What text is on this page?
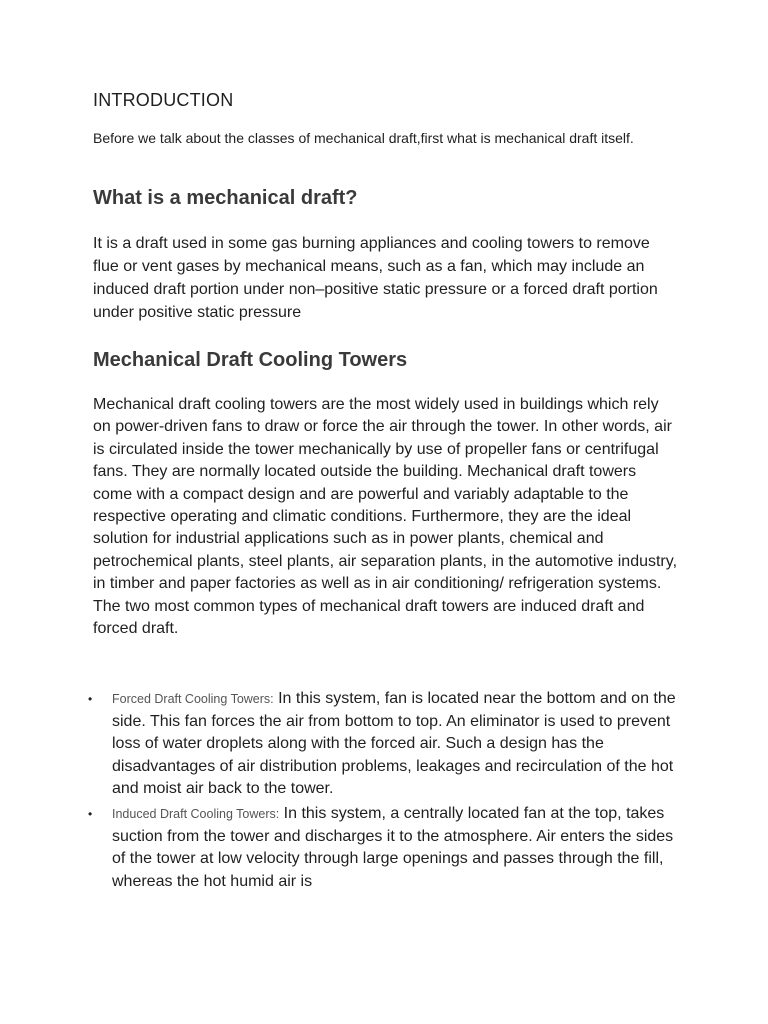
INTRODUCTION

Before we talk about the classes of mechanical draft,first what is mechanical draft itself.

What is a mechanical draft?

It is a draft used in some gas burning appliances and cooling towers to remove flue or vent gases by mechanical means, such as a fan, which may include an induced draft portion under non–positive static pressure or a forced draft portion under positive static pressure

Mechanical Draft Cooling Towers

Mechanical draft cooling towers are the most widely used in buildings which rely on power-driven fans to draw or force the air through the tower. In other words, air is circulated inside the tower mechanically by use of propeller fans or centrifugal fans. They are normally located outside the building. Mechanical draft towers come with a compact design and are powerful and variably adaptable to the respective operating and climatic conditions. Furthermore, they are the ideal solution for industrial applications such as in power plants, chemical and petrochemical plants, steel plants, air separation plants, in the automotive industry, in timber and paper factories as well as in air conditioning/ refrigeration systems. The two most common types of mechanical draft towers are induced draft and forced draft.

• Forced Draft Cooling Towers: In this system, fan is located near the bottom and on the side. This fan forces the air from bottom to top. An eliminator is used to prevent loss of water droplets along with the forced air. Such a design has the disadvantages of air distribution problems, leakages and recirculation of the hot and moist air back to the tower.
• Induced Draft Cooling Towers: In this system, a centrally located fan at the top, takes suction from the tower and discharges it to the atmosphere. Air enters the sides of the tower at low velocity through large openings and passes through the fill, whereas the hot humid air is
